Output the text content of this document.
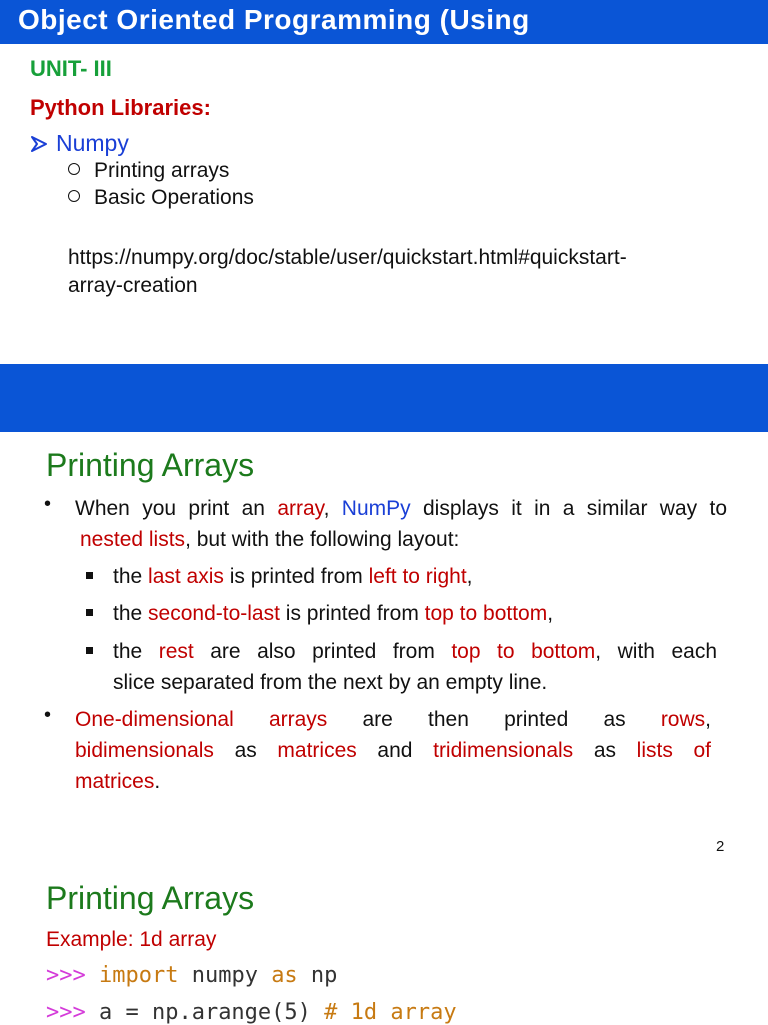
Object Oriented Programming (Using
UNIT- III
Python Libraries:
Numpy
Printing arrays
Basic Operations
https://numpy.org/doc/stable/user/quickstart.html#quickstart-
array-creation
Printing Arrays
• When you print an array, NumPy displays it in a similar way to
nested lists, but with the following layout:
the last axis is printed from left to right,
the second-to-last is printed from top to bottom,
the rest are also printed from top to bottom, with each
slice separated from the next by an empty line.
• One-dimensional arrays are then printed as rows,
bidimensionals as matrices and tridimensionals as lists of
matrices.
2
Printing Arrays
Example: 1d array
>>> import numpy as np
>>> a = np.arange(5) # 1d array
